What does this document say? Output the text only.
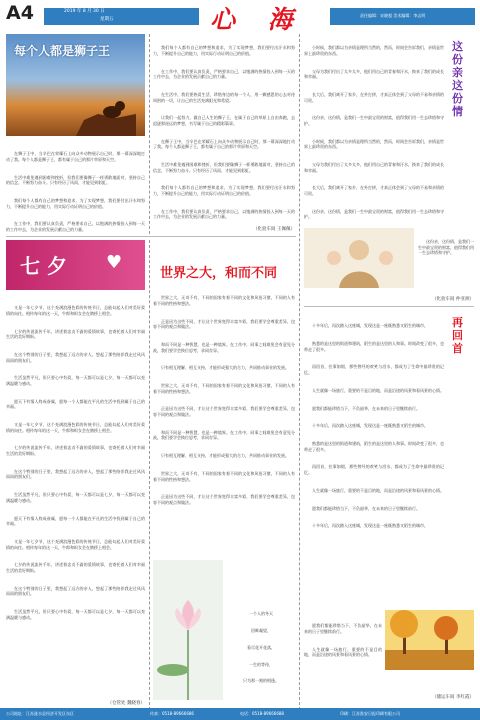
A4	2019 年 8 月 30 日
星期五	心 海	责任编辑：宋晓超 美术编辑：李志明
每个人都是狮子王

在狮子王中，当辛巴在荣耀石上向众多动物展示自己时，那一幕深深地打动了我。每个人都是狮子王，都有属于自己的那片草原和天空。

生活中难免遇到困难和挫折，但我们要像狮子一样勇敢地面对，坚持自己的信念，不断努力奋斗。只有经历了风雨，才能见到彩虹。

我们每个人都有自己的梦想和追求，为了实现梦想，我们要付出汗水和努力，不断提升自己的能力，用实际行动证明自己的价值。

在工作中，我们要认真负责，严格要求自己，以饱满的热情投入到每一天的工作中去，为企业的发展贡献自己的力量。

我们每个人都有自己的梦想和追求，为了实现梦想，我们要付出汗水和努力，不断提升自己的能力，用实际行动证明自己的价值。

在工作中，我们要认真负责，严格要求自己，以饱满的热情投入到每一天的工作中去，为企业的发展贡献自己的力量。

在生活中，我们要热爱生活，珍惜身边的每一个人，用一颗感恩的心去对待周围的一切，让自己的生活充满阳光和希望。

让我们一起努力，做自己人生的狮子王，在属于自己的草原上自由奔跑，去追逐那遥远的梦想，书写属于自己的精彩篇章。

在狮子王中，当辛巴在荣耀石上向众多动物展示自己时，那一幕深深地打动了我。每个人都是狮子王，都有属于自己的那片草原和天空。

生活中难免遇到困难和挫折，但我们要像狮子一样勇敢地面对，坚持自己的信念，不断努力奋斗。只有经历了风雨，才能见到彩虹。

我们每个人都有自己的梦想和追求，为了实现梦想，我们要付出汗水和努力，不断提升自己的能力，用实际行动证明自己的价值。

在工作中，我们要认真负责，严格要求自己，以饱满的热情投入到每一天的工作中去，为企业的发展贡献自己的力量。

（化验车间 王佩佩）
七 夕 ♥

又是一年七夕节，这个充满浪漫色彩的传统节日，总能勾起人们对美好爱情的向往。相传每年的这一天，牛郎和织女会在鹊桥上相会。

七夕的传说流传千年，讲述着忠贞不渝的爱情故事，也寄托着人们对幸福生活的美好期盼。

在这个特别的日子里，我想起了远方的亲人，想起了那些陪伴我走过风风雨雨的朋友们。

生活虽然平凡，但只要心中有爱，每一天都可以是七夕，每一天都可以充满温暖与感动。

愿天下有情人终成眷属，愿每一个人都能在平凡的生活中找到属于自己的幸福。

又是一年七夕节，这个充满浪漫色彩的传统节日，总能勾起人们对美好爱情的向往。相传每年的这一天，牛郎和织女会在鹊桥上相会。

七夕的传说流传千年，讲述着忠贞不渝的爱情故事，也寄托着人们对幸福生活的美好期盼。

在这个特别的日子里，我想起了远方的亲人，想起了那些陪伴我走过风风雨雨的朋友们。

生活虽然平凡，但只要心中有爱，每一天都可以是七夕，每一天都可以充满温暖与感动。

愿天下有情人终成眷属，愿每一个人都能在平凡的生活中找到属于自己的幸福。

又是一年七夕节，这个充满浪漫色彩的传统节日，总能勾起人们对美好爱情的向往。相传每年的这一天，牛郎和织女会在鹊桥上相会。

七夕的传说流传千年，讲述着忠贞不渝的爱情故事，也寄托着人们对幸福生活的美好期盼。

在这个特别的日子里，我想起了远方的亲人，想起了那些陪伴我走过风风雨雨的朋友们。

生活虽然平凡，但只要心中有爱，每一天都可以是七夕，每一天都可以充满温暖与感动。

（仓管处 魏晓春）
世界之大，和而不同

世界之大，无奇不有，不同的国家有着不同的文化和风俗习惯，不同的人有着不同的性格和想法。

正是因为这些不同，才让这个世界变得丰富多彩，我们要学会尊重差异，包容不同的观点和做法。

和而不同是一种智慧，也是一种境界。在工作中，同事之间难免会有意见分歧，我们要学会换位思考，求同存异。

只有相互理解，相互支持，才能形成强大的合力，共同推动事业的发展。

世界之大，无奇不有，不同的国家有着不同的文化和风俗习惯，不同的人有着不同的性格和想法。

正是因为这些不同，才让这个世界变得丰富多彩，我们要学会尊重差异，包容不同的观点和做法。

和而不同是一种智慧，也是一种境界。在工作中，同事之间难免会有意见分歧，我们要学会换位思考，求同存异。

只有相互理解，相互支持，才能形成强大的合力，共同推动事业的发展。

世界之大，无奇不有，不同的国家有着不同的文化和风俗习惯，不同的人有着不同的性格和想法。

正是因为这些不同，才让这个世界变得丰富多彩，我们要学会尊重差异，包容不同的观点和做法。

一个人的冬天

回眸凝望，

看尽花开花落，

一生的等待，

只为那一刻的相逢。

小时候，我们都以为亲情是理所当然的，然而，时间会告诉我们，亲情是世界上最珍贵的东西。

父母为我们付出了太多太多，他们用自己的青春和汗水，换来了我们的成长和幸福。

长大后，我们离开了家乡，在外打拼，才真正体会到了父母的不易和亲情的可贵。

这份亲，这份情，是我们一生中最宝贵的财富，值得我们用一生去珍惜和守护。

小时候，我们都以为亲情是理所当然的，然而，时间会告诉我们，亲情是世界上最珍贵的东西。

父母为我们付出了太多太多，他们用自己的青春和汗水，换来了我们的成长和幸福。

长大后，我们离开了家乡，在外打拼，才真正体会到了父母的不易和亲情的可贵。

这份亲，这份情，是我们一生中最宝贵的财富，值得我们用一生去珍惜和守护。

这份亲这份情

这份亲，这份情，是我们一生中最宝贵的财富，值得我们用一生去珍惜和守护。

（化验车间 仲亚洲）
再回首

十多年后，再次踏入这座城，发现这是一座既熟悉又陌生的城市。

熟悉的是这里的街道和建筑，陌生的是这里的人和事。时间改变了很多，也带走了很多。

再回首，往事如烟，那些曾经的欢笑与泪水，都成为了生命中最珍贵的记忆。

人生就像一场旅行，重要的不是目的地，而是沿途的风景和看风景的心情。

愿我们都能珍惜当下，不负韶华，在未来的日子里继续前行。

十多年后，再次踏入这座城，发现这是一座既熟悉又陌生的城市。

熟悉的是这里的街道和建筑，陌生的是这里的人和事。时间改变了很多，也带走了很多。

再回首，往事如烟，那些曾经的欢笑与泪水，都成为了生命中最珍贵的记忆。

人生就像一场旅行，重要的不是目的地，而是沿途的风景和看风景的心情。

愿我们都能珍惜当下，不负韶华，在未来的日子里继续前行。

十多年后，再次踏入这座城，发现这是一座既熟悉又陌生的城市。

愿我们都能珍惜当下，不负韶华，在未来的日子里继续前行。

人生就像一场旅行，重要的不是目的地，而是沿途的风景和看风景的心情。

（储运车间 李红霞）
公司地址：江苏涟水县经济开发区东区	传真：0518-89666686	电话：0518-89666688	印刷：江苏淮安日报印刷有限公司
